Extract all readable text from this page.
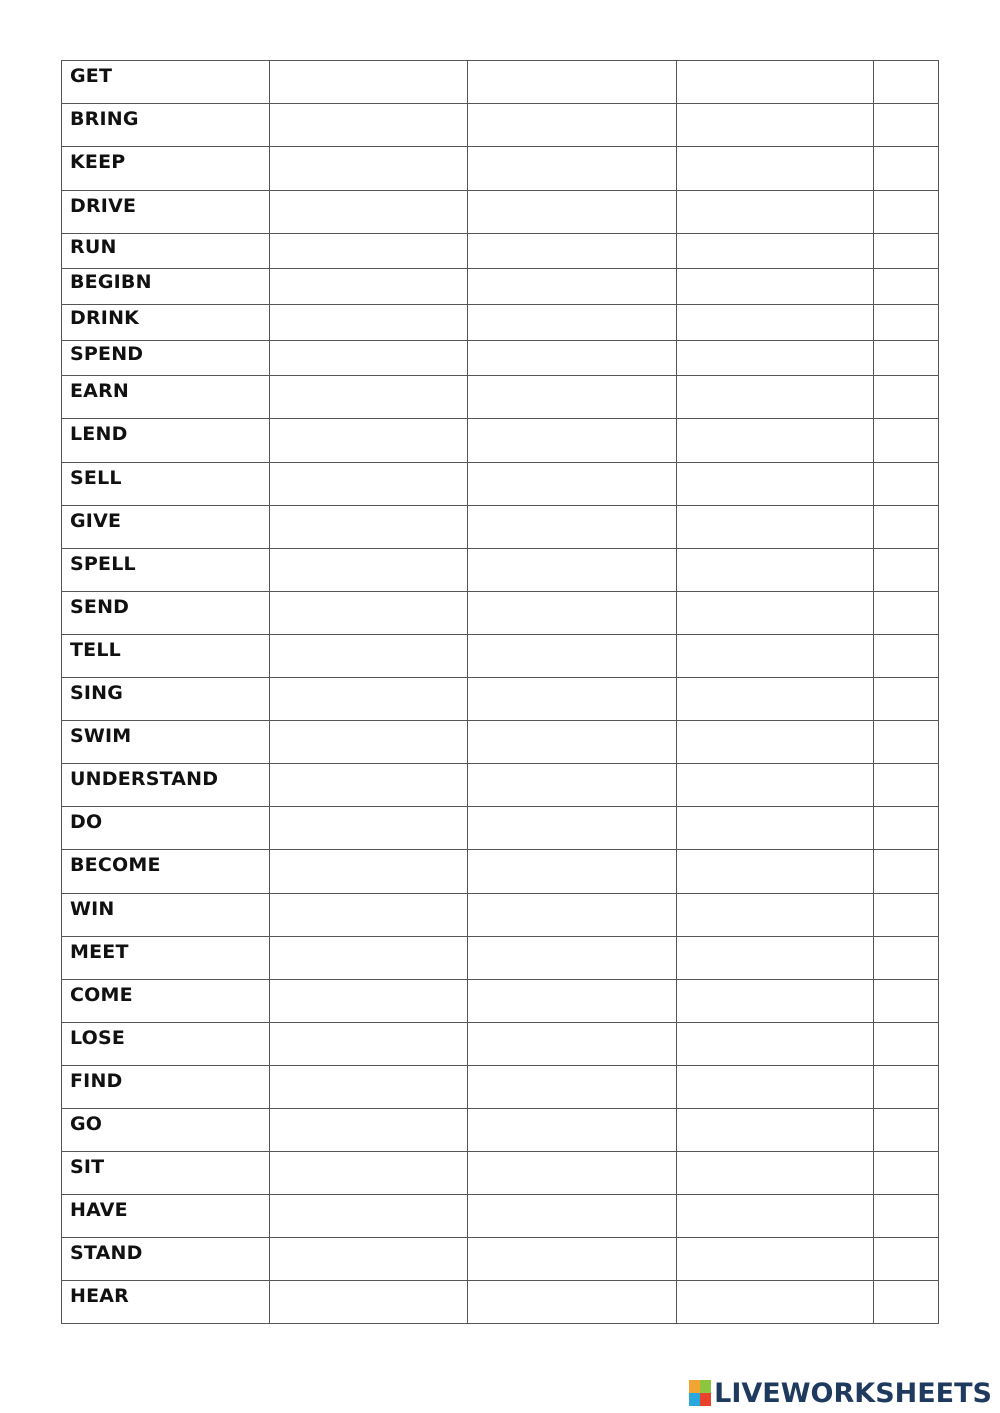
GET				
BRING				
KEEP				
DRIVE				
RUN				
BEGIBN				
DRINK				
SPEND				
EARN				
LEND				
SELL				
GIVE				
SPELL				
SEND				
TELL				
SING				
SWIM				
UNDERSTAND				
DO				
BECOME				
WIN				
MEET				
COME				
LOSE				
FIND				
GO				
SIT				
HAVE				
STAND				
HEAR				
LIVEWORKSHEETS
